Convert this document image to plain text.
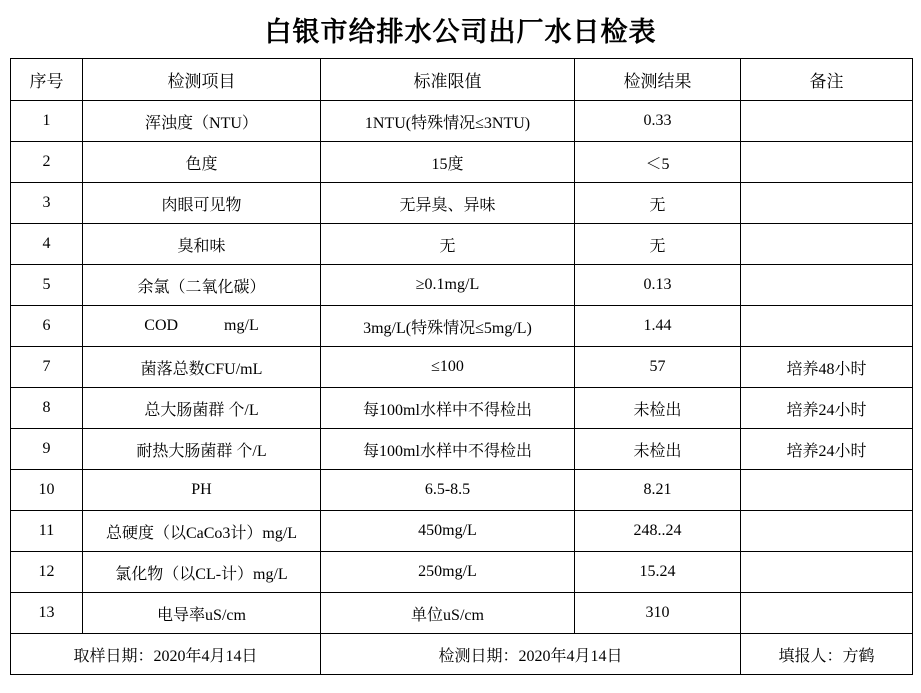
白银市给排水公司出厂水日检表
序号	检测项目	标准限值	检测结果	备注
1	浑浊度（NTU）	1NTU(特殊情况≤3NTU)	0.33	
2	色度	15度	＜5	
3	肉眼可见物	无异臭、异味	无	
4	臭和味	无	无	
5	余氯（二氧化碳）	≥0.1mg/L	0.13	
6	COD mg/L	3mg/L(特殊情况≤5mg/L)	1.44	
7	菌落总数CFU/mL	≤100	57	培养48小时
8	总大肠菌群 个/L	每100ml水样中不得检出	未检出	培养24小时
9	耐热大肠菌群 个/L	每100ml水样中不得检出	未检出	培养24小时
10	PH	6.5-8.5	8.21	
11	总硬度（以CaCo3计）mg/L	450mg/L	248..24	
12	氯化物（以CL-计）mg/L	250mg/L	15.24	
13	电导率uS/cm	单位uS/cm	310	
取样日期：2020年4月14日		检测日期：2020年4月14日		填报人：方鹤
